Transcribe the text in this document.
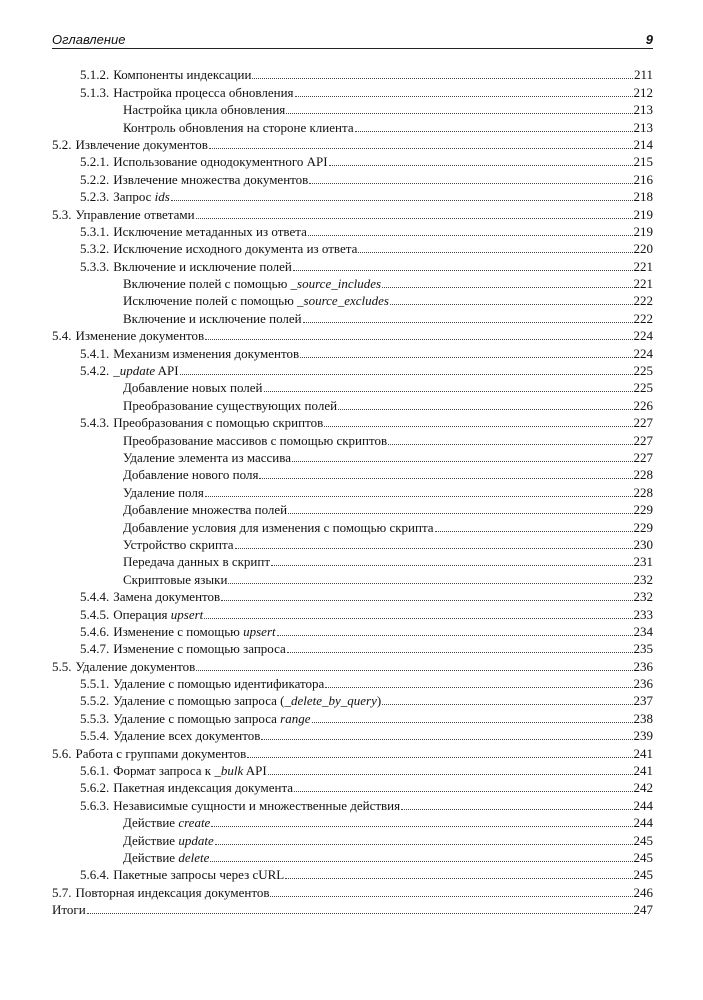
Оглавление	9
5.1.2. Компоненты индексации	211
5.1.3. Настройка процесса обновления	212
Настройка цикла обновления	213
Контроль обновления на стороне клиента	213
5.2. Извлечение документов	214
5.2.1. Использование однодокументного API	215
5.2.2. Извлечение множества документов	216
5.2.3. Запрос ids	218
5.3. Управление ответами	219
5.3.1. Исключение метаданных из ответа	219
5.3.2. Исключение исходного документа из ответа	220
5.3.3. Включение и исключение полей	221
Включение полей с помощью _source_includes	221
Исключение полей с помощью _source_excludes	222
Включение и исключение полей	222
5.4. Изменение документов	224
5.4.1. Механизм изменения документов	224
5.4.2. _update API	225
Добавление новых полей	225
Преобразование существующих полей	226
5.4.3. Преобразования с помощью скриптов	227
Преобразование массивов с помощью скриптов	227
Удаление элемента из массива	227
Добавление нового поля	228
Удаление поля	228
Добавление множества полей	229
Добавление условия для изменения с помощью скрипта	229
Устройство скрипта	230
Передача данных в скрипт	231
Скриптовые языки	232
5.4.4. Замена документов	232
5.4.5. Операция upsert	233
5.4.6. Изменение с помощью upsert	234
5.4.7. Изменение с помощью запроса	235
5.5. Удаление документов	236
5.5.1. Удаление с помощью идентификатора	236
5.5.2. Удаление с помощью запроса (_delete_by_query)	237
5.5.3. Удаление с помощью запроса range	238
5.5.4. Удаление всех документов	239
5.6. Работа с группами документов	241
5.6.1. Формат запроса к _bulk API	241
5.6.2. Пакетная индексация документа	242
5.6.3. Независимые сущности и множественные действия	244
Действие create	244
Действие update	245
Действие delete	245
5.6.4. Пакетные запросы через cURL	245
5.7. Повторная индексация документов	246
Итоги	247
